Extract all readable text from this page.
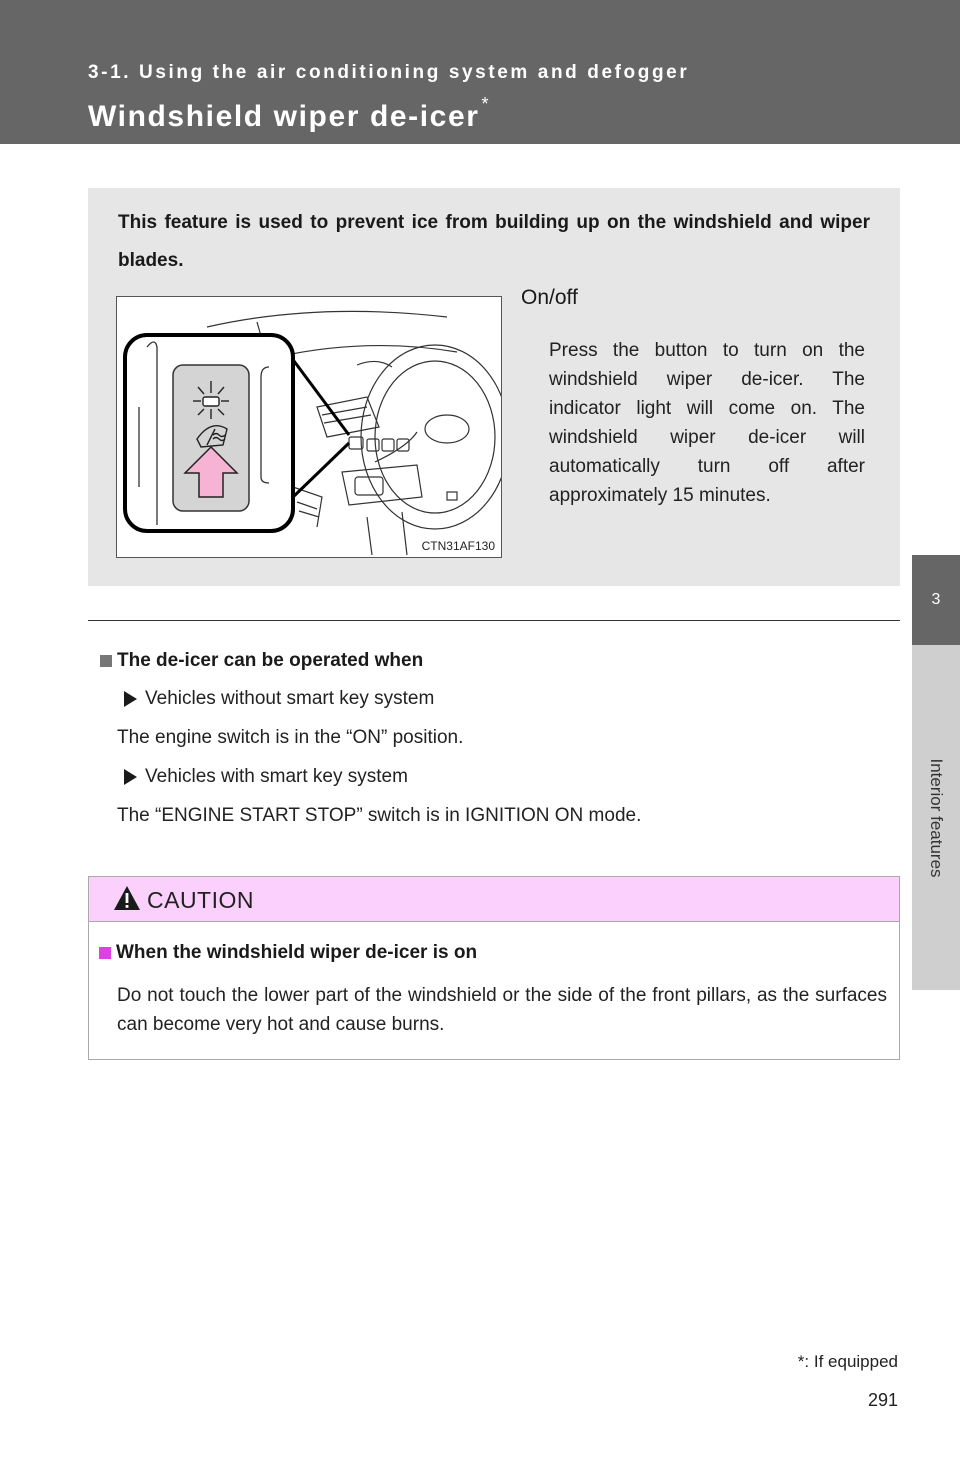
3-1. Using the air conditioning system and defogger
Windshield wiper de-icer *
3
Interior features
This feature is used to prevent ice from building up on the windshield and wiper blades.
CTN31AF130
On/off
Press the button to turn on the windshield wiper de-icer. The indicator light will come on. The windshield wiper de-icer will automatically turn off after approximately 15 minutes.
The de-icer can be operated when
Vehicles without smart key system
The engine switch is in the “ON” position.
Vehicles with smart key system
The “ENGINE START STOP” switch is in IGNITION ON mode.
CAUTION
When the windshield wiper de-icer is on
Do not touch the lower part of the windshield or the side of the front pillars, as the surfaces can become very hot and cause burns.
*: If equipped
291
